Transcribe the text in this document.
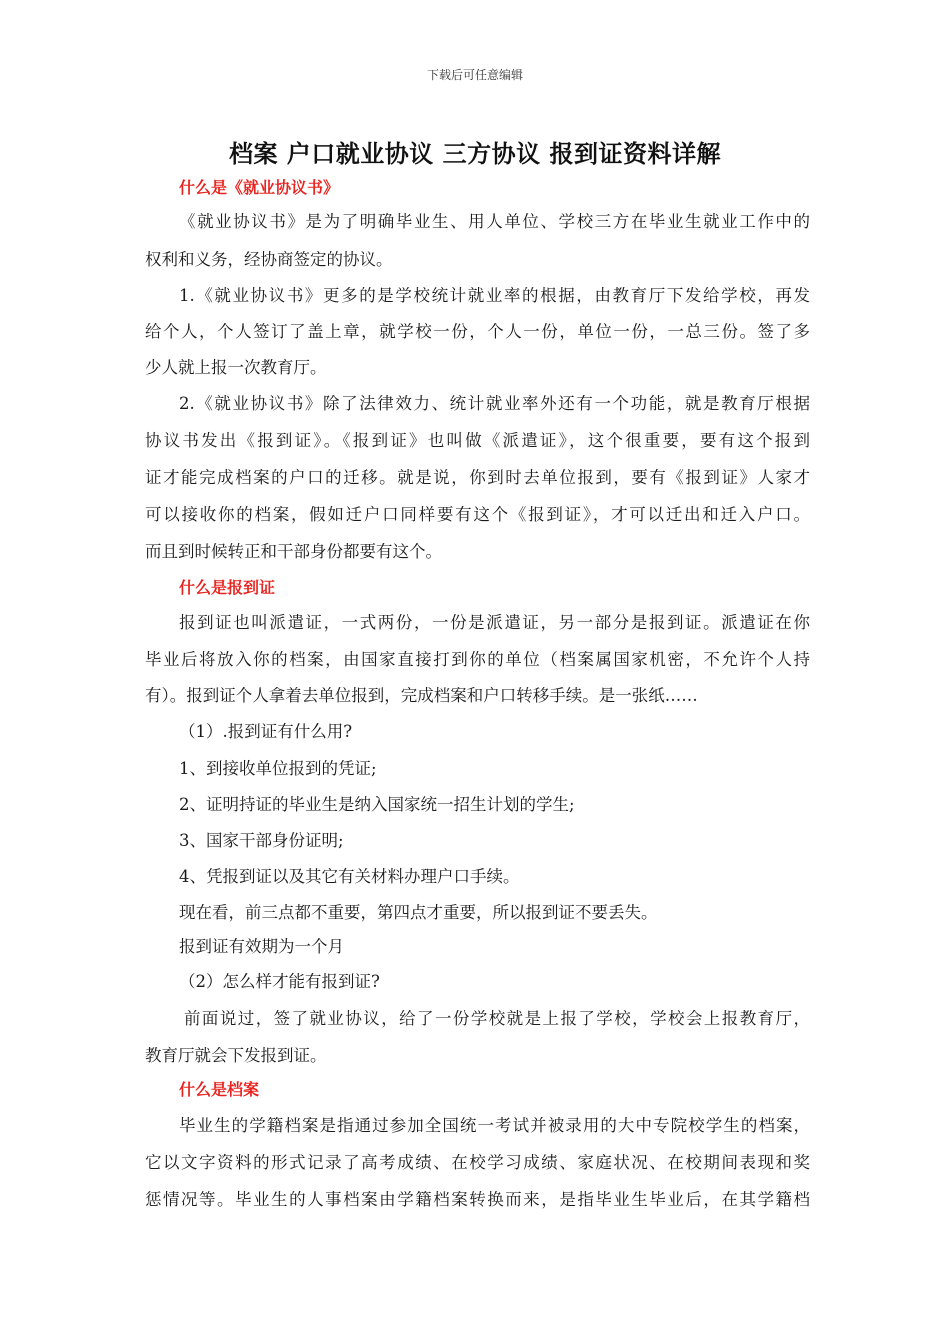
下载后可任意编辑
档案 户口就业协议 三方协议 报到证资料详解
什么是《就业协议书》
《就业协议书》是为了明确毕业生、用人单位、学校三方在毕业生就业工作中的
权利和义务，经协商签定的协议。
1.《就业协议书》更多的是学校统计就业率的根据，由教育厅下发给学校，再发
给个人，个人签订了盖上章，就学校一份，个人一份，单位一份，一总三份。签了多
少人就上报一次教育厅。
2.《就业协议书》除了法律效力、统计就业率外还有一个功能，就是教育厅根据
协议书发出《报到证》。《报到证》也叫做《派遣证》，这个很重要，要有这个报到
证才能完成档案的户口的迁移。就是说，你到时去单位报到，要有《报到证》人家才
可以接收你的档案，假如迁户口同样要有这个《报到证》，才可以迁出和迁入户口。
而且到时候转正和干部身份都要有这个。
什么是报到证
报到证也叫派遣证，一式两份，一份是派遣证，另一部分是报到证。派遣证在你
毕业后将放入你的档案，由国家直接打到你的单位（档案属国家机密，不允许个人持
有）。报到证个人拿着去单位报到，完成档案和户口转移手续。是一张纸……
（1）.报到证有什么用?
1、到接收单位报到的凭证;
2、证明持证的毕业生是纳入国家统一招生计划的学生;
3、国家干部身份证明;
4、凭报到证以及其它有关材料办理户口手续。
现在看，前三点都不重要，第四点才重要，所以报到证不要丢失。
报到证有效期为一个月
（2）怎么样才能有报到证?
前面说过，签了就业协议，给了一份学校就是上报了学校，学校会上报教育厅，
教育厅就会下发报到证。
什么是档案
毕业生的学籍档案是指通过参加全国统一考试并被录用的大中专院校学生的档案，
它以文字资料的形式记录了高考成绩、在校学习成绩、家庭状况、在校期间表现和奖
惩情况等。毕业生的人事档案由学籍档案转换而来，是指毕业生毕业后，在其学籍档
